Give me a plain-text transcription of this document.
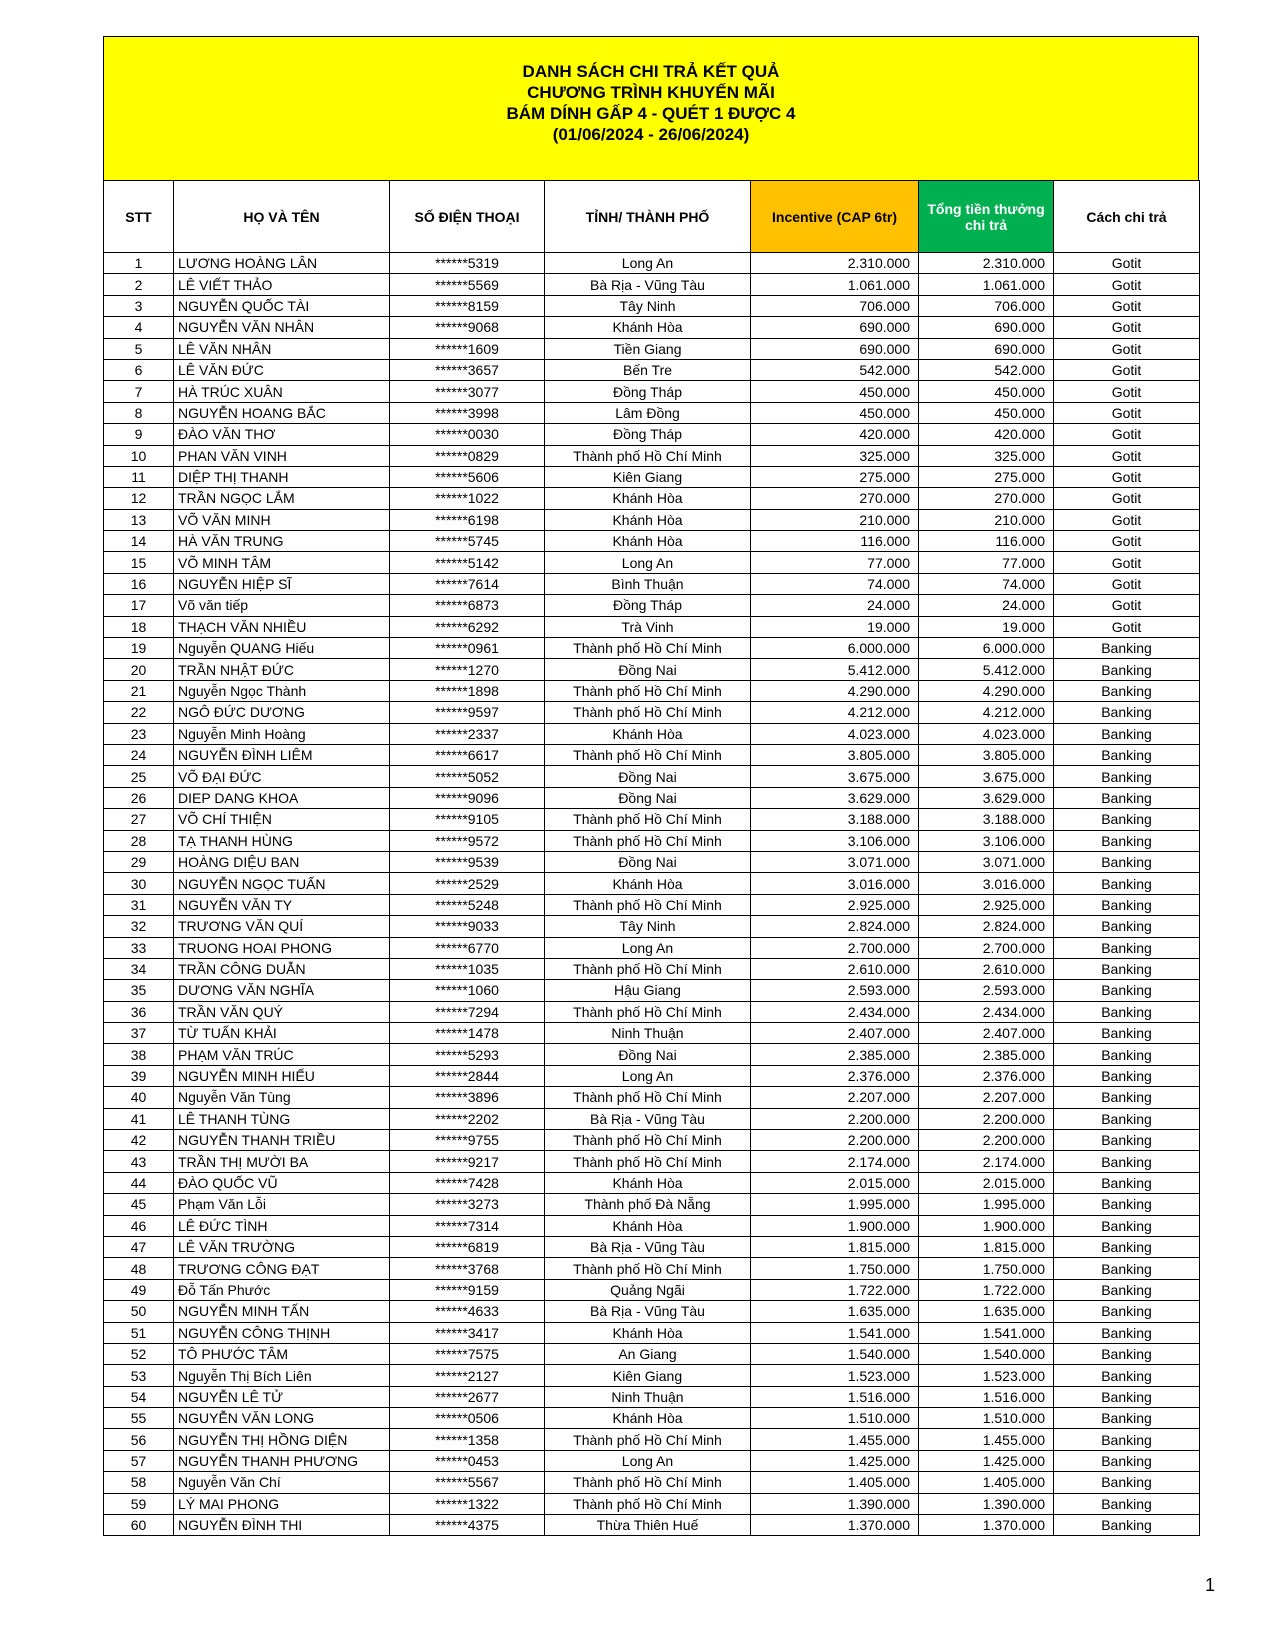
DANH SÁCH CHI TRẢ KẾT QUẢ
CHƯƠNG TRÌNH KHUYẾN MÃI
BÁM DÍNH GẤP 4 - QUÉT 1 ĐƯỢC 4
(01/06/2024 - 26/06/2024)
STT	HỌ VÀ TÊN	SỐ ĐIỆN THOẠI	TỈNH/ THÀNH PHỐ	Incentive (CAP 6tr)	Tổng tiền thưởng chi trả	Cách chi trả
1	LƯƠNG HOÀNG LÂN	******5319	Long An	2.310.000	2.310.000	Gotit
2	LÊ VIẾT THẢO	******5569	Bà Rịa - Vũng Tàu	1.061.000	1.061.000	Gotit
3	NGUYỄN QUỐC TÀI	******8159	Tây Ninh	706.000	706.000	Gotit
4	NGUYỄN VĂN NHÂN	******9068	Khánh Hòa	690.000	690.000	Gotit
5	LÊ VĂN NHÂN	******1609	Tiền Giang	690.000	690.000	Gotit
6	LÊ VĂN ĐỨC	******3657	Bến Tre	542.000	542.000	Gotit
7	HÀ TRÚC XUÂN	******3077	Đồng Tháp	450.000	450.000	Gotit
8	NGUYỄN HOANG BẮC	******3998	Lâm Đồng	450.000	450.000	Gotit
9	ĐÀO VĂN THƠ	******0030	Đồng Tháp	420.000	420.000	Gotit
10	PHAN VĂN VINH	******0829	Thành phố Hồ Chí Minh	325.000	325.000	Gotit
11	DIỆP THỊ THANH	******5606	Kiên Giang	275.000	275.000	Gotit
12	TRẦN NGỌC LẮM	******1022	Khánh Hòa	270.000	270.000	Gotit
13	VÕ VĂN MINH	******6198	Khánh Hòa	210.000	210.000	Gotit
14	HÀ VĂN TRUNG	******5745	Khánh Hòa	116.000	116.000	Gotit
15	VÕ MINH TÂM	******5142	Long An	77.000	77.000	Gotit
16	NGUYỄN HIỆP SĨ	******7614	Bình Thuận	74.000	74.000	Gotit
17	Võ văn tiếp	******6873	Đồng Tháp	24.000	24.000	Gotit
18	THẠCH VĂN NHIỀU	******6292	Trà Vinh	19.000	19.000	Gotit
19	Nguyễn QUANG Hiếu	******0961	Thành phố Hồ Chí Minh	6.000.000	6.000.000	Banking
20	TRẦN NHẬT ĐỨC	******1270	Đồng Nai	5.412.000	5.412.000	Banking
21	Nguyễn Ngọc Thành	******1898	Thành phố Hồ Chí Minh	4.290.000	4.290.000	Banking
22	NGÔ ĐỨC DƯƠNG	******9597	Thành phố Hồ Chí Minh	4.212.000	4.212.000	Banking
23	Nguyễn Minh Hoàng	******2337	Khánh Hòa	4.023.000	4.023.000	Banking
24	NGUYỄN ĐÌNH LIÊM	******6617	Thành phố Hồ Chí Minh	3.805.000	3.805.000	Banking
25	VÕ ĐẠI ĐỨC	******5052	Đồng Nai	3.675.000	3.675.000	Banking
26	DIEP DANG KHOA	******9096	Đồng Nai	3.629.000	3.629.000	Banking
27	VÕ CHÍ THIỆN	******9105	Thành phố Hồ Chí Minh	3.188.000	3.188.000	Banking
28	TẠ THANH HÙNG	******9572	Thành phố Hồ Chí Minh	3.106.000	3.106.000	Banking
29	HOÀNG DIỆU BAN	******9539	Đồng Nai	3.071.000	3.071.000	Banking
30	NGUYỄN NGỌC TUẤN	******2529	Khánh Hòa	3.016.000	3.016.000	Banking
31	NGUYỄN VĂN TY	******5248	Thành phố Hồ Chí Minh	2.925.000	2.925.000	Banking
32	TRƯƠNG VĂN QUÍ	******9033	Tây Ninh	2.824.000	2.824.000	Banking
33	TRUONG HOAI PHONG	******6770	Long An	2.700.000	2.700.000	Banking
34	TRẦN CÔNG DUẪN	******1035	Thành phố Hồ Chí Minh	2.610.000	2.610.000	Banking
35	DƯƠNG VĂN NGHĨA	******1060	Hậu Giang	2.593.000	2.593.000	Banking
36	TRẦN VĂN QUÝ	******7294	Thành phố Hồ Chí Minh	2.434.000	2.434.000	Banking
37	TỪ TUẤN KHẢI	******1478	Ninh Thuận	2.407.000	2.407.000	Banking
38	PHẠM VĂN TRÚC	******5293	Đồng Nai	2.385.000	2.385.000	Banking
39	NGUYỄN MINH HIẾU	******2844	Long An	2.376.000	2.376.000	Banking
40	Nguyễn Văn Tùng	******3896	Thành phố Hồ Chí Minh	2.207.000	2.207.000	Banking
41	LÊ THANH TÙNG	******2202	Bà Rịa - Vũng Tàu	2.200.000	2.200.000	Banking
42	NGUYỄN THANH TRIỀU	******9755	Thành phố Hồ Chí Minh	2.200.000	2.200.000	Banking
43	TRẦN THỊ MƯỜI BA	******9217	Thành phố Hồ Chí Minh	2.174.000	2.174.000	Banking
44	ĐÀO QUỐC VŨ	******7428	Khánh Hòa	2.015.000	2.015.000	Banking
45	Phạm Văn Lỗi	******3273	Thành phố Đà Nẵng	1.995.000	1.995.000	Banking
46	LÊ ĐỨC TÌNH	******7314	Khánh Hòa	1.900.000	1.900.000	Banking
47	LÊ VĂN TRƯỜNG	******6819	Bà Rịa - Vũng Tàu	1.815.000	1.815.000	Banking
48	TRƯƠNG CÔNG ĐẠT	******3768	Thành phố Hồ Chí Minh	1.750.000	1.750.000	Banking
49	Đỗ Tấn Phước	******9159	Quảng Ngãi	1.722.000	1.722.000	Banking
50	NGUYỄN MINH TẤN	******4633	Bà Rịa - Vũng Tàu	1.635.000	1.635.000	Banking
51	NGUYỄN CÔNG THỊNH	******3417	Khánh Hòa	1.541.000	1.541.000	Banking
52	TÔ PHƯỚC TÂM	******7575	An Giang	1.540.000	1.540.000	Banking
53	Nguyễn Thị Bích Liên	******2127	Kiên Giang	1.523.000	1.523.000	Banking
54	NGUYỄN LÊ TỬ	******2677	Ninh Thuận	1.516.000	1.516.000	Banking
55	NGUYỄN VĂN LONG	******0506	Khánh Hòa	1.510.000	1.510.000	Banking
56	NGUYỄN THỊ HỒNG DIỆN	******1358	Thành phố Hồ Chí Minh	1.455.000	1.455.000	Banking
57	NGUYỄN THANH PHƯƠNG	******0453	Long An	1.425.000	1.425.000	Banking
58	Nguyễn Văn Chí	******5567	Thành phố Hồ Chí Minh	1.405.000	1.405.000	Banking
59	LÝ MAI PHONG	******1322	Thành phố Hồ Chí Minh	1.390.000	1.390.000	Banking
60	NGUYỄN ĐÌNH THI	******4375	Thừa Thiên Huế	1.370.000	1.370.000	Banking
1
